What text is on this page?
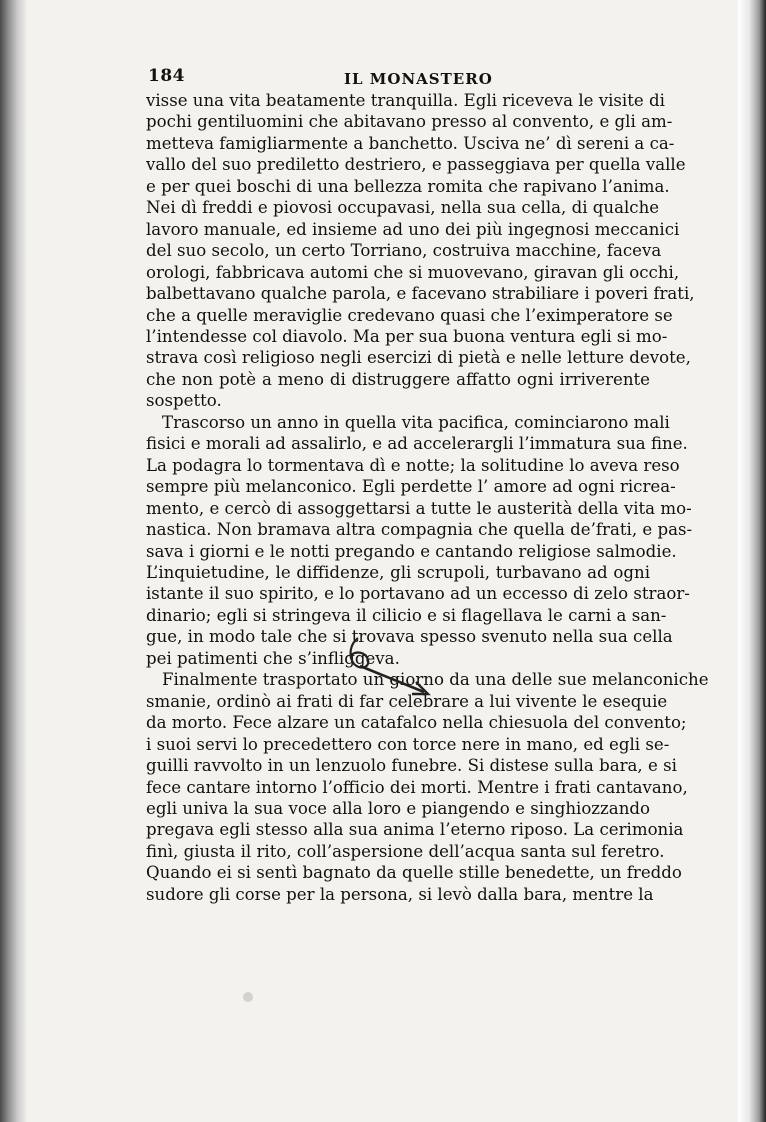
184	IL MONASTERO
visse una vita beatamente tranquilla. Egli riceveva le visite di
pochi gentiluomini che abitavano presso al convento, e gli am-
metteva famigliarmente a banchetto. Usciva ne’ dì sereni a ca-
vallo del suo prediletto destriero, e passeggiava per quella valle
e per quei boschi di una bellezza romita che rapivano l’anima.
Nei dì freddi e piovosi occupavasi, nella sua cella, di qualche
lavoro manuale, ed insieme ad uno dei più ingegnosi meccanici
del suo secolo, un certo Torriano, costruiva macchine, faceva
orologi, fabbricava automi che si muovevano, giravan gli occhi,
balbettavano qualche parola, e facevano strabiliare i poveri frati,
che a quelle meraviglie credevano quasi che l’eximperatore se
l’intendesse col diavolo. Ma per sua buona ventura egli si mo-
strava così religioso negli esercizi di pietà e nelle letture devote,
che non potè a meno di distruggere affatto ogni irriverente
sospetto.
Trascorso un anno in quella vita pacifica, cominciarono mali
fisici e morali ad assalirlo, e ad accelerargli l’immatura sua fine.
La podagra lo tormentava dì e notte; la solitudine lo aveva reso
sempre più melanconico. Egli perdette l’ amore ad ogni ricrea-
mento, e cercò di assoggettarsi a tutte le austerità della vita mo-
nastica. Non bramava altra compagnia che quella de’frati, e pas-
sava i giorni e le notti pregando e cantando religiose salmodie.
L’inquietudine, le diffidenze, gli scrupoli, turbavano ad ogni
istante il suo spirito, e lo portavano ad un eccesso di zelo straor-
dinario; egli si stringeva il cilicio e si flagellava le carni a san-
gue, in modo tale che si trovava spesso svenuto nella sua cella
pei patimenti che s’infliggeva.
Finalmente trasportato un giorno da una delle sue melanconiche
smanie, ordinò ai frati di far celebrare a lui vivente le esequie
da morto. Fece alzare un catafalco nella chiesuola del convento;
i suoi servi lo precedettero con torce nere in mano, ed egli se-
guilli ravvolto in un lenzuolo funebre. Si distese sulla bara, e si
fece cantare intorno l’officio dei morti. Mentre i frati cantavano,
egli univa la sua voce alla loro e piangendo e singhiozzando
pregava egli stesso alla sua anima l’eterno riposo. La cerimonia
finì, giusta il rito, coll’aspersione dell’acqua santa sul feretro.
Quando ei si sentì bagnato da quelle stille benedette, un freddo
sudore gli corse per la persona, si levò dalla bara, mentre la
